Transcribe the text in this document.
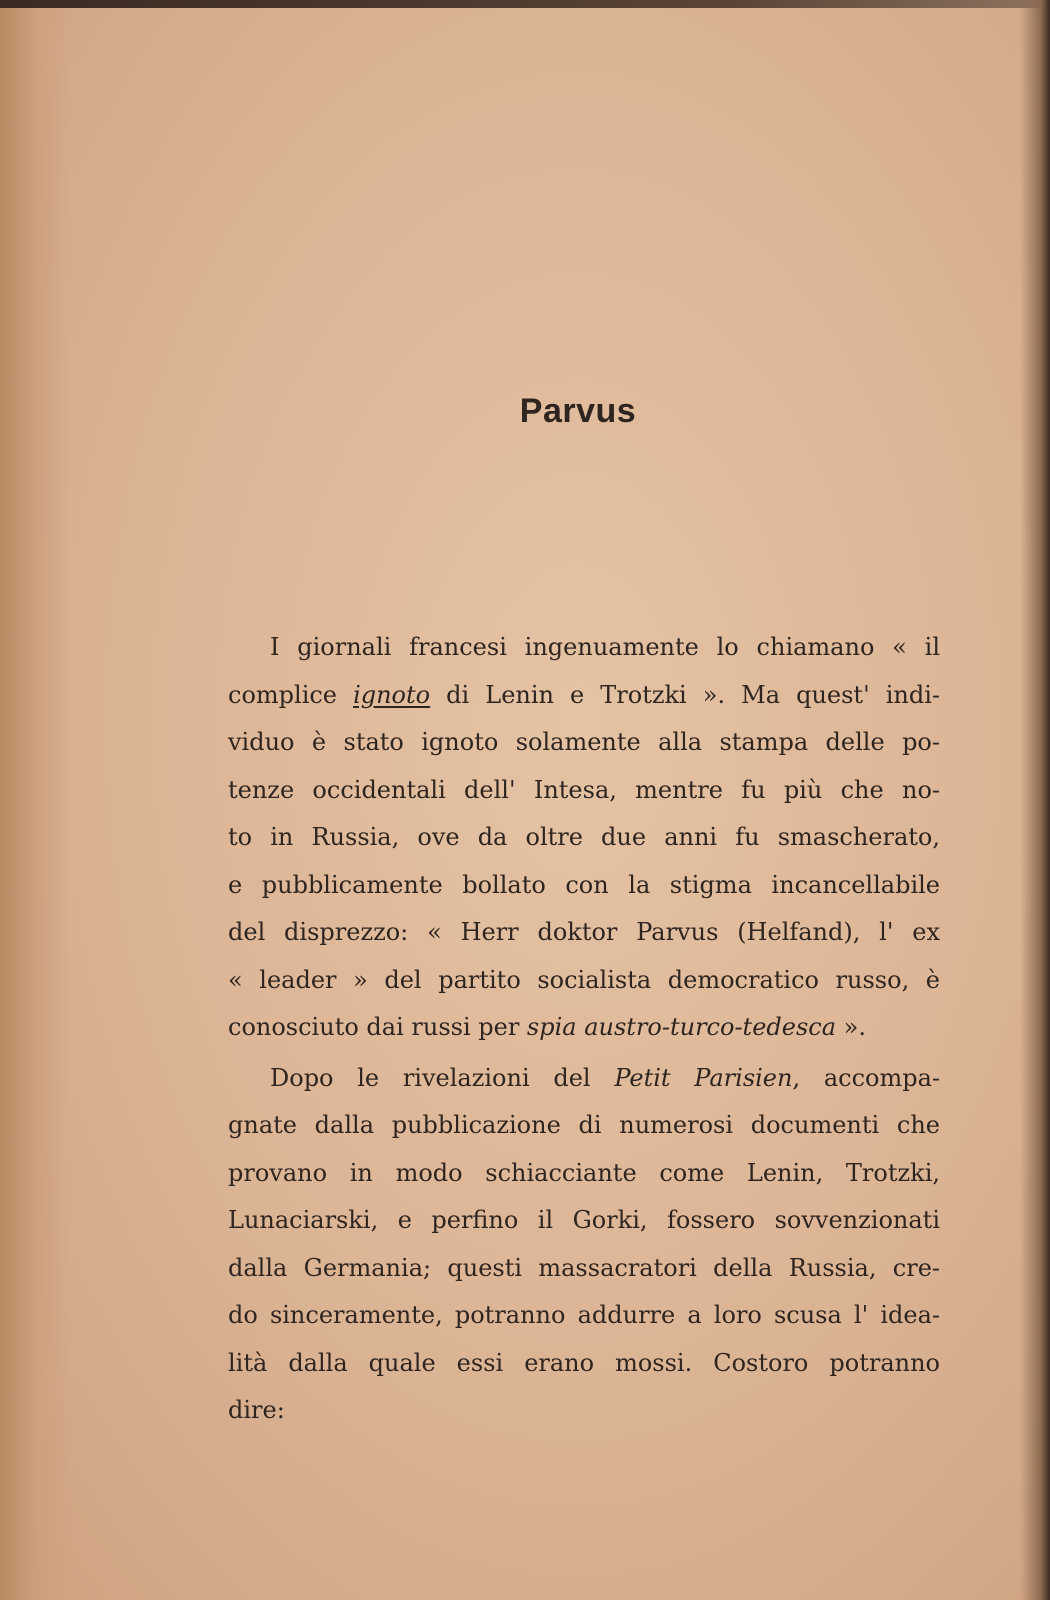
Parvus
I giornali francesi ingenuamente lo chiamano « il
complice ignoto di Lenin e Trotzki ». Ma quest' indi-
viduo è stato ignoto solamente alla stampa delle po-
tenze occidentali dell' Intesa, mentre fu più che no-
to in Russia, ove da oltre due anni fu smascherato,
e pubblicamente bollato con la stigma incancellabile
del disprezzo: « Herr doktor Parvus (Helfand), l' ex
« leader » del partito socialista democratico russo, è
conosciuto dai russi per spia austro-turco-tedesca ».
Dopo le rivelazioni del Petit Parisien, accompa-
gnate dalla pubblicazione di numerosi documenti che
provano in modo schiacciante come Lenin, Trotzki,
Lunaciarski, e perfino il Gorki, fossero sovvenzionati
dalla Germania; questi massacratori della Russia, cre-
do sinceramente, potranno addurre a loro scusa l' idea-
lità dalla quale essi erano mossi. Costoro potranno
dire:
